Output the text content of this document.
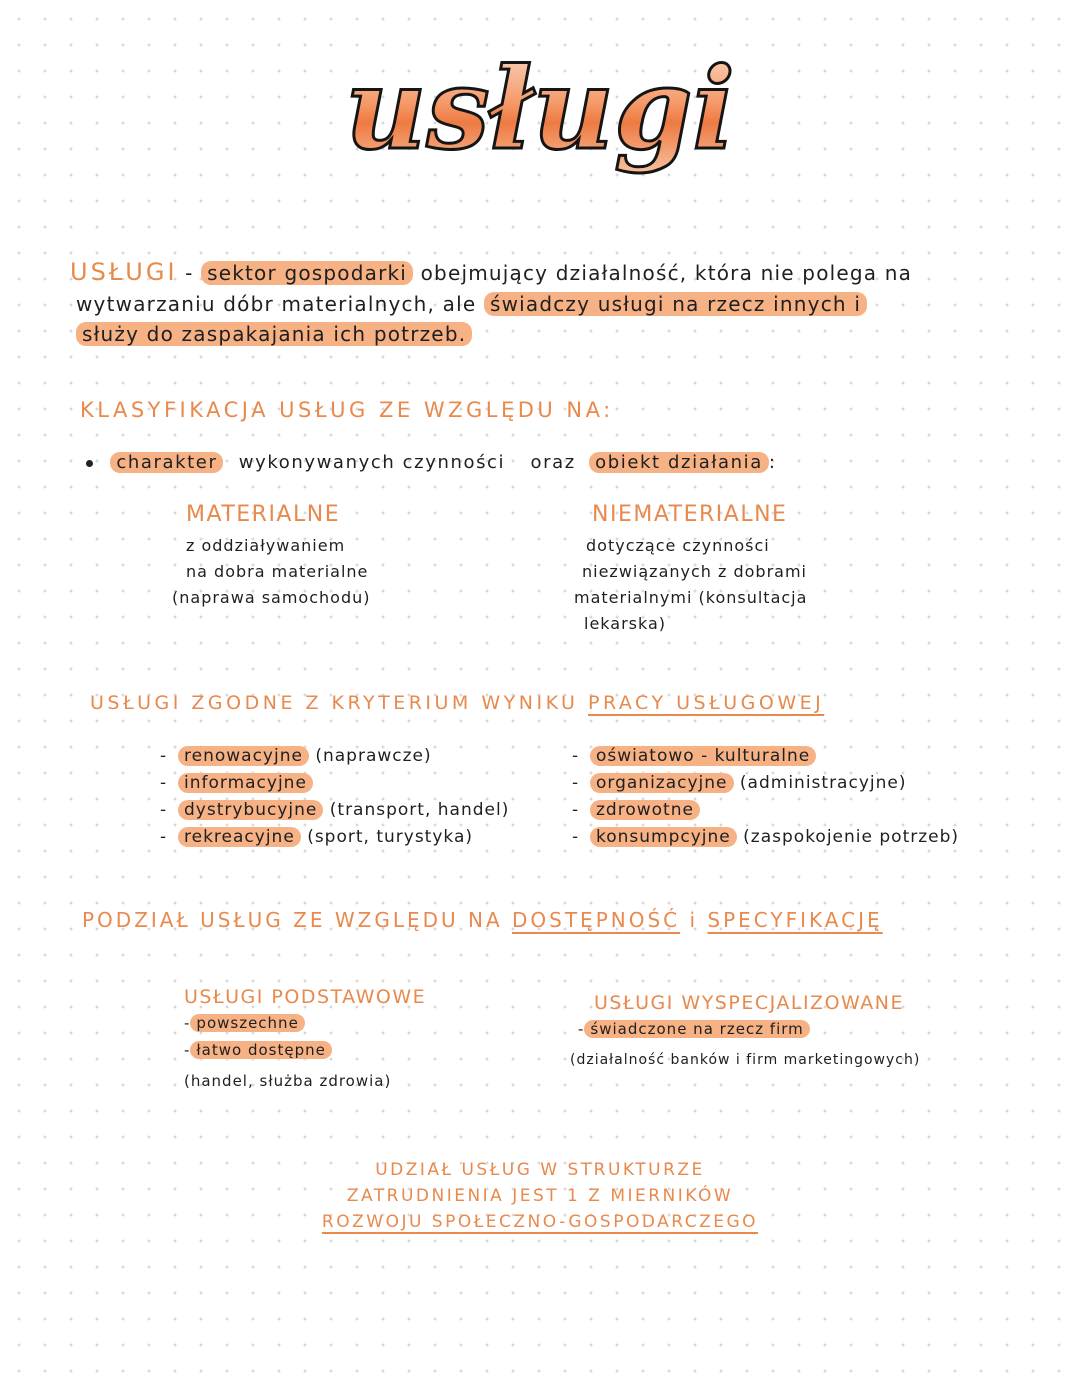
usługi
USŁUGI - sektor gospodarki obejmujący działalność, która nie polega na
wytwarzaniu dóbr materialnych, ale świadczy usługi na rzecz innych i
służy do zaspakajania ich potrzeb.
KLASYFIKACJA USŁUG ZE WZGLĘDU NA:
charakter wykonywanych czynności oraz obiekt działania :
MATERIALNE
z oddziaływaniem
na dobra materialne
(naprawa samochodu)
NIEMATERIALNE
dotyczące czynności
niezwiązanych z dobrami
materialnymi (konsultacja
lekarska)
USŁUGI ZGODNE Z KRYTERIUM WYNIKU PRACY USŁUGOWEJ
- renowacyjne (naprawcze)
- informacyjne
- dystrybucyjne (transport, handel)
- rekreacyjne (sport, turystyka)
- oświatowo - kulturalne
- organizacyjne (administracyjne)
- zdrowotne
- konsumpcyjne (zaspokojenie potrzeb)
PODZIAŁ USŁUG ZE WZGLĘDU NA DOSTĘPNOŚĆ i SPECYFIKACJĘ
USŁUGI PODSTAWOWE
- powszechne
- łatwo dostępne
(handel, służba zdrowia)
USŁUGI WYSPECJALIZOWANE
- świadczone na rzecz firm
(działalność banków i firm marketingowych)
UDZIAŁ USŁUG W STRUKTURZE
ZATRUDNIENIA JEST 1 Z MIERNIKÓW
ROZWOJU SPOŁECZNO-GOSPODARCZEGO
